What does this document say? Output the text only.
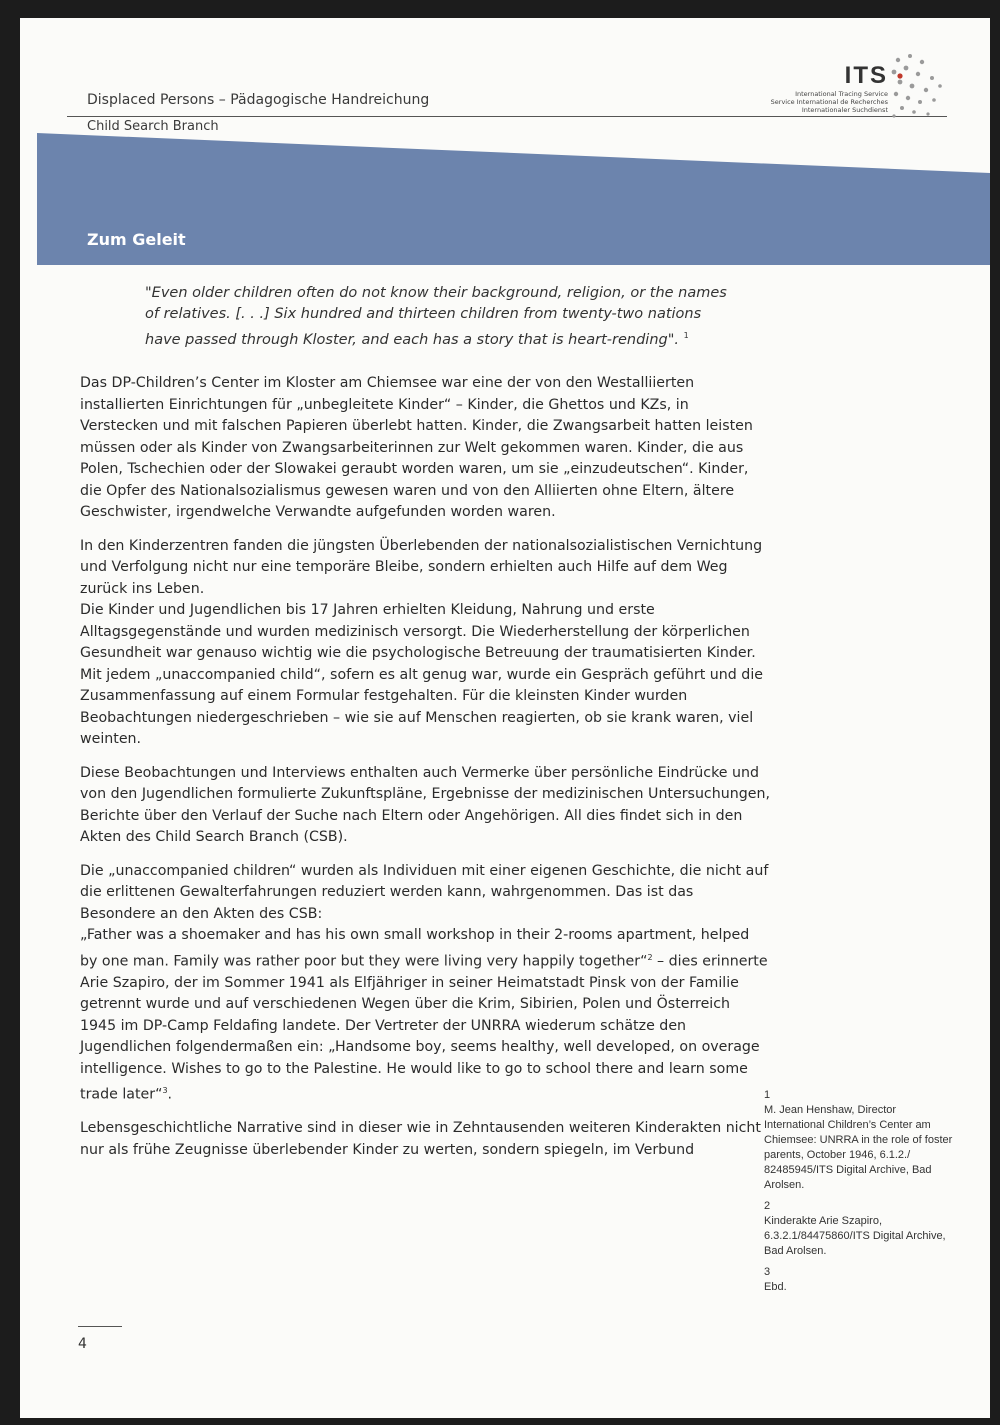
Displaced Persons – Pädagogische Handreichung
Child Search Branch
ITS
International Tracing Service
Service International de Recherches
Internationaler Suchdienst
Zum Geleit
"Even older children often do not know their background, religion, or the names of relatives. [. . .] Six hundred and thirteen children from twenty-two nations have passed through Kloster, and each has a story that is heart-rending". $^1$

Das DP-Children’s Center im Kloster am Chiemsee war eine der von den Westalliierten installierten Einrichtungen für „unbegleitete Kinder“ – Kinder, die Ghettos und KZs, in Verstecken und mit falschen Papieren überlebt hatten. Kinder, die Zwangsarbeit hatten leisten müssen oder als Kinder von Zwangsarbeiterinnen zur Welt gekommen waren. Kinder, die aus Polen, Tschechien oder der Slowakei geraubt worden waren, um sie „einzudeutschen“. Kinder, die Opfer des Nationalsozialismus gewesen waren und von den Alliierten ohne Eltern, ältere Geschwister, irgendwelche Verwandte aufgefunden worden waren.

In den Kinderzentren fanden die jüngsten Überlebenden der nationalsozialistischen Vernichtung und Verfolgung nicht nur eine temporäre Bleibe, sondern erhielten auch Hilfe auf dem Weg zurück ins Leben.

Die Kinder und Jugendlichen bis 17 Jahren erhielten Kleidung, Nahrung und erste Alltagsgegenstände und wurden medizinisch versorgt. Die Wiederherstellung der körperlichen Gesundheit war genauso wichtig wie die psychologische Betreuung der traumatisierten Kinder. Mit jedem „unaccompanied child“, sofern es alt genug war, wurde ein Gespräch geführt und die Zusammenfassung auf einem Formular festgehalten. Für die kleinsten Kinder wurden Beobachtungen niedergeschrieben – wie sie auf Menschen reagierten, ob sie krank waren, viel weinten.

Diese Beobachtungen und Interviews enthalten auch Vermerke über persönliche Eindrücke und von den Jugendlichen formulierte Zukunftspläne, Ergebnisse der medizinischen Untersuchungen, Berichte über den Verlauf der Suche nach Eltern oder Angehörigen. All dies findet sich in den Akten des Child Search Branch (CSB).

Die „unaccompanied children“ wurden als Individuen mit einer eigenen Geschichte, die nicht auf die erlittenen Gewalterfahrungen reduziert werden kann, wahrgenommen. Das ist das Besondere an den Akten des CSB:

„Father was a shoemaker and has his own small workshop in their 2-rooms apartment, helped by one man. Family was rather poor but they were living very happily together“$^2$ – dies erinnerte Arie Szapiro, der im Sommer 1941 als Elfjähriger in seiner Heimatstadt Pinsk von der Familie getrennt wurde und auf verschiedenen Wegen über die Krim, Sibirien, Polen und Österreich 1945 im DP-Camp Feldafing landete. Der Vertreter der UNRRA wiederum schätze den Jugendlichen folgendermaßen ein: „Handsome boy, seems healthy, well developed, on overage intelligence. Wishes to go to the Palestine. He would like to go to school there and learn some trade later“$^3$.

Lebensgeschichtliche Narrative sind in dieser wie in Zehntausenden weiteren Kinderakten nicht nur als frühe Zeugnisse überlebender Kinder zu werten, sondern spiegeln, im Verbund

1
M. Jean Henshaw, Director International Children’s Center am Chiemsee: UNRRA in the role of foster parents, October 1946, 6.1.2./ 82485945/ITS Digital Archive, Bad Arolsen.
2
Kinderakte Arie Szapiro, 6.3.2.1/84475860/ITS Digital Archive, Bad Arolsen.
3
Ebd.
4
